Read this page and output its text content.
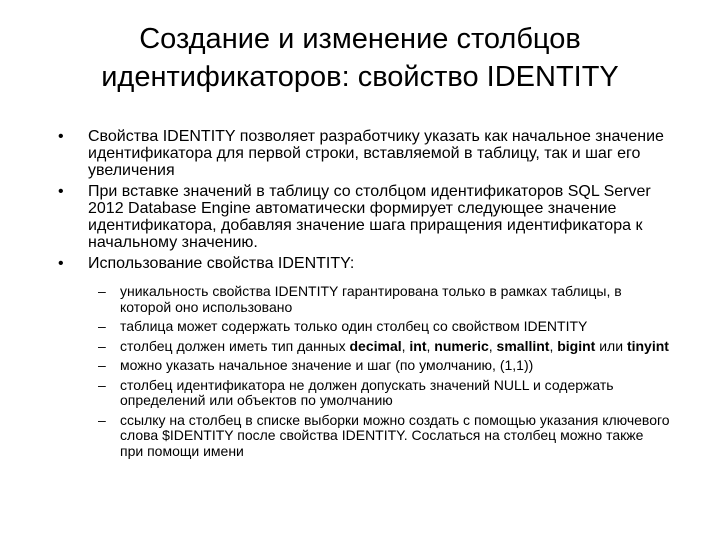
Создание и изменение столбцов
идентификаторов: свойство IDENTITY
• Свойства IDENTITY позволяет разработчику указать как начальное значение идентификатора для первой строки, вставляемой в таблицу, так и шаг его увеличения
• При вставке значений в таблицу со столбцом идентификаторов SQL Server 2012 Database Engine автоматически формирует следующее значение идентификатора, добавляя значение шага приращения идентификатора к начальному значению.
• Использование свойства IDENTITY:
– уникальность свойства IDENTITY гарантирована только в рамках таблицы, в которой оно использовано
– таблица может содержать только один столбец со свойством IDENTITY
– столбец должен иметь тип данных decimal, int, numeric, smallint, bigint или tinyint
– можно указать начальное значение и шаг (по умолчанию, (1,1))
– столбец идентификатора не должен допускать значений NULL и содержать определений или объектов по умолчанию
– ссылку на столбец в списке выборки можно создать с помощью указания ключевого слова $IDENTITY после свойства IDENTITY. Сослаться на столбец можно также при помощи имени
